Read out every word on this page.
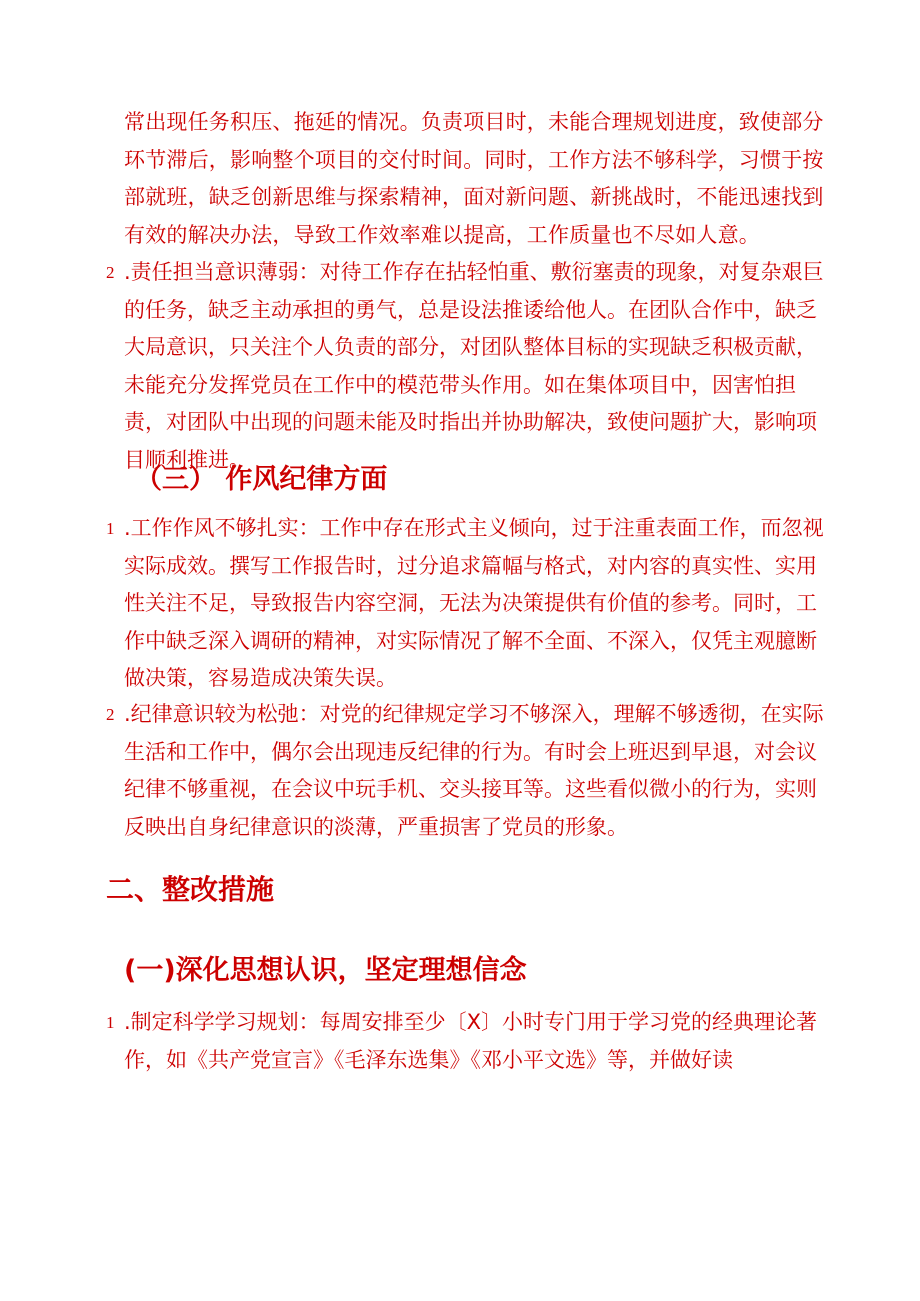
常出现任务积压、拖延的情况。负责项目时，未能合理规划进度，致使部分环节滞后，影响整个项目的交付时间。同时，工作方法不够科学，习惯于按部就班，缺乏创新思维与探索精神，面对新问题、新挑战时，不能迅速找到有效的解决办法，导致工作效率难以提高，工作质量也不尽如人意。

2 .责任担当意识薄弱：对待工作存在拈轻怕重、敷衍塞责的现象，对复杂艰巨的任务，缺乏主动承担的勇气，总是设法推诿给他人。在团队合作中，缺乏大局意识，只关注个人负责的部分，对团队整体目标的实现缺乏积极贡献，未能充分发挥党员在工作中的模范带头作用。如在集体项目中，因害怕担责，对团队中出现的问题未能及时指出并协助解决，致使问题扩大，影响项目顺利推进。
（三） 作风纪律方面
1 .工作作风不够扎实：工作中存在形式主义倾向，过于注重表面工作，而忽视实际成效。撰写工作报告时，过分追求篇幅与格式，对内容的真实性、实用性关注不足，导致报告内容空洞，无法为决策提供有价值的参考。同时，工作中缺乏深入调研的精神，对实际情况了解不全面、不深入，仅凭主观臆断做决策，容易造成决策失误。
2 .纪律意识较为松弛：对党的纪律规定学习不够深入，理解不够透彻，在实际生活和工作中，偶尔会出现违反纪律的行为。有时会上班迟到早退，对会议纪律不够重视，在会议中玩手机、交头接耳等。这些看似微小的行为，实则反映出自身纪律意识的淡薄，严重损害了党员的形象。
二、整改措施
(一)深化思想认识，坚定理想信念
1 .制定科学学习规划：每周安排至少〔X〕小时专门用于学习党的经典理论著作，如《共产党宣言》《毛泽东选集》《邓小平文选》等，并做好读
